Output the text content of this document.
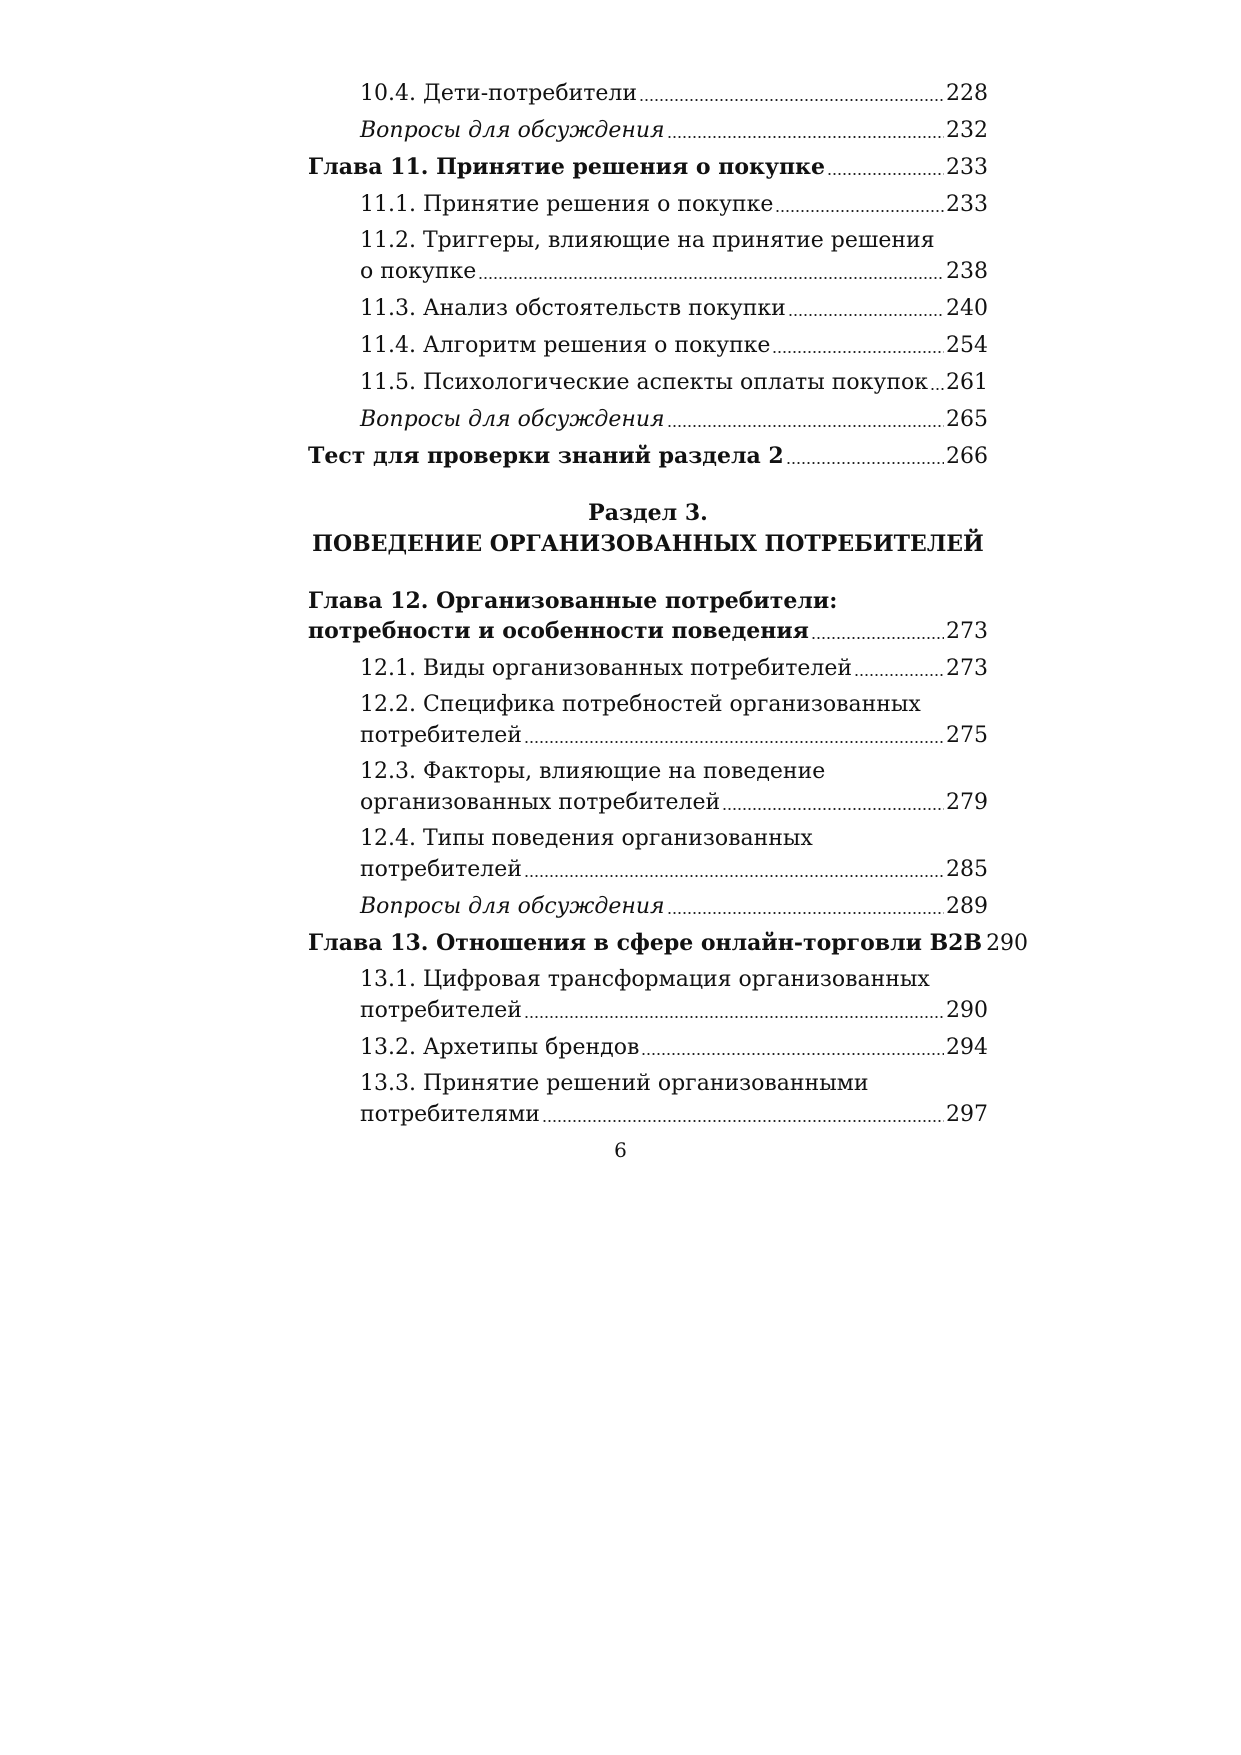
10.4. Дети-потребители	228
Вопросы для обсуждения	232
Глава 11. Принятие решения о покупке	233
11.1. Принятие решения о покупке	233
11.2. Триггеры, влияющие на принятие решения
о покупке	238
11.3. Анализ обстоятельств покупки	240
11.4. Алгоритм решения о покупке	254
11.5. Психологические аспекты оплаты покупок 261
Вопросы для обсуждения	265
Тест для проверки знаний раздела 2	266
Раздел 3.
ПОВЕДЕНИЕ ОРГАНИЗОВАННЫХ ПОТРЕБИТЕЛЕЙ
Глава 12. Организованные потребители:
потребности и особенности поведения	273
12.1. Виды организованных потребителей	273
12.2. Специфика потребностей организованных
потребителей	275
12.3. Факторы, влияющие на поведение
организованных потребителей	279
12.4. Типы поведения организованных
потребителей	285
Вопросы для обсуждения	289
Глава 13. Отношения в сфере онлайн-торговли B2B 290
13.1. Цифровая трансформация организованных
потребителей	290
13.2. Архетипы брендов	294
13.3. Принятие решений организованными
потребителями	297
6
